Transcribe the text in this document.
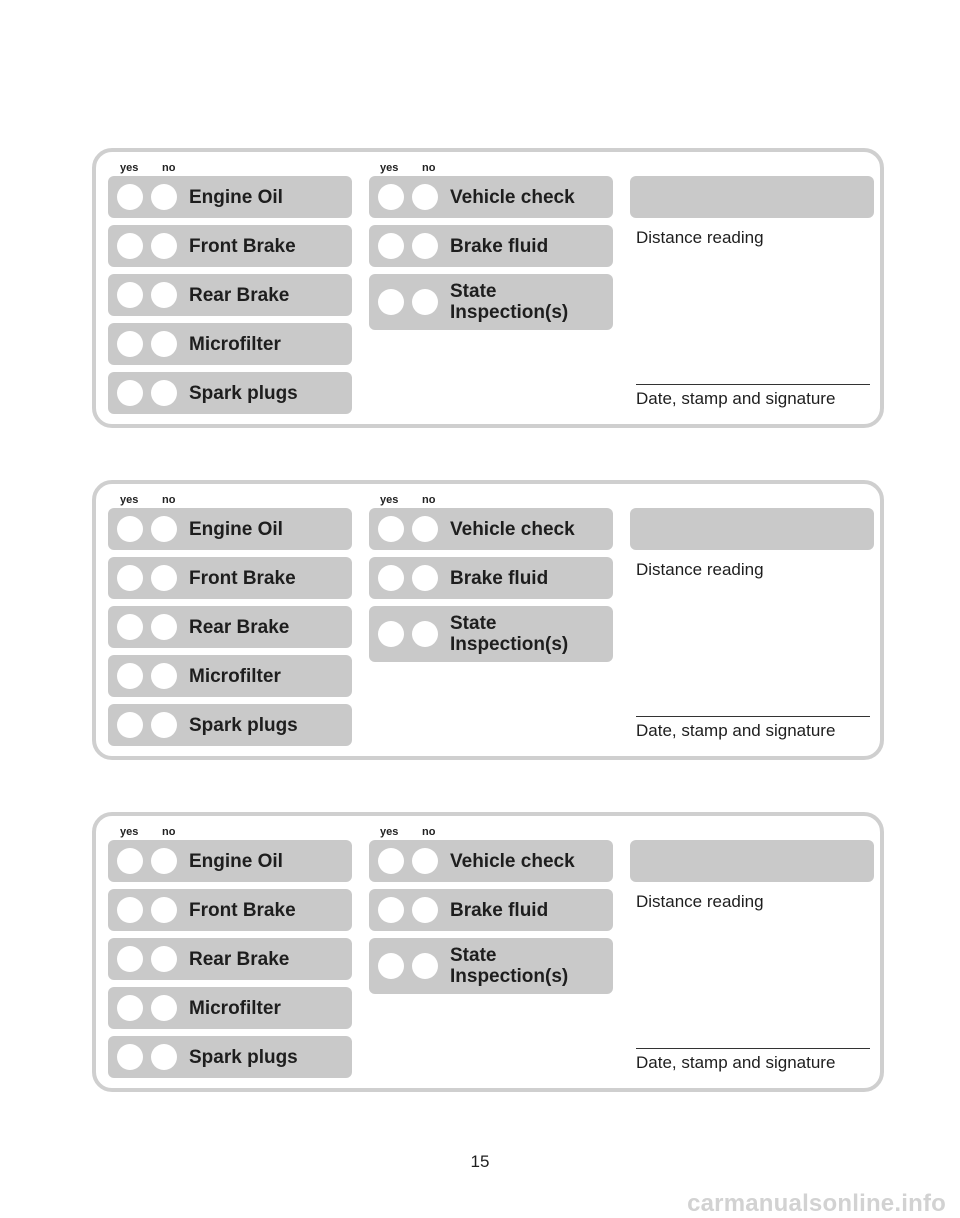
yes	no	yes	no
Engine Oil
Front Brake
Rear Brake
Microfilter
Spark plugs
Vehicle check
Brake fluid
State Inspection(s)
Distance reading
Date, stamp and signature
yes	no	yes	no
Engine Oil
Front Brake
Rear Brake
Microfilter
Spark plugs
Vehicle check
Brake fluid
State Inspection(s)
Distance reading
Date, stamp and signature
yes	no	yes	no
Engine Oil
Front Brake
Rear Brake
Microfilter
Spark plugs
Vehicle check
Brake fluid
State Inspection(s)
Distance reading
Date, stamp and signature
15
carmanualsonline.info
